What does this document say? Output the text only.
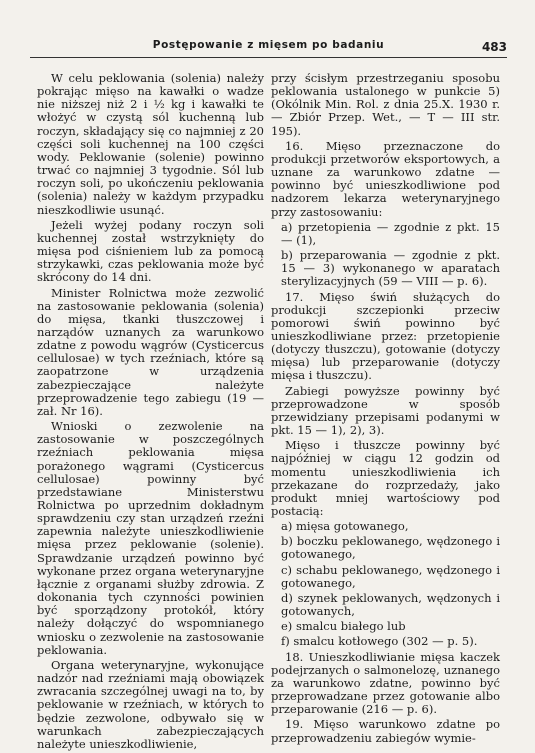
Postępowanie z mięsem po badaniu	483

W celu peklowania (solenia) należy pokrając mięso na kawałki o wadze nie niższej niż 2 i ½ kg i kawałki te włożyć w czystą sól kuchenną lub roczyn, składający się co najmniej z 20 części soli kuchennej na 100 części wody. Peklowanie (solenie) powinno trwać co najmniej 3 tygodnie. Sól lub roczyn soli, po ukończeniu peklowania (solenia) należy w każdym przypadku nieszkodliwie usunąć.

Jeżeli wyżej podany roczyn soli kuchennej został wstrzyknięty do mięsa pod ciśnieniem lub za pomocą strzykawki, czas peklowania może być skrócony do 14 dni.

Minister Rolnictwa może zezwolić na zastosowanie peklowania (solenia) do mięsa, tkanki tłuszczowej i narządów uznanych za warunkowo zdatne z powodu wągrów (Cysticercus cellulosae) w tych rzeźniach, które są zaopatrzone w urządzenia zabezpieczające należyte przeprowadzenie tego zabiegu (19 — zał. Nr 16).

Wnioski o zezwolenie na zastosowanie w poszczególnych rzeźniach peklowania mięsa porażonego wągrami (Cysticercus cellulosae) powinny być przedstawiane Ministerstwu Rolnictwa po uprzednim dokładnym sprawdzeniu czy stan urządzeń rzeźni zapewnia należyte unieszkodliwienie mięsa przez peklowanie (solenie). Sprawdzanie urządzeń powinno być wykonane przez organa weterynaryjne łącznie z organami służby zdrowia. Z dokonania tych czynności powinien być sporządzony protokół, który należy dołączyć do wspomnianego wniosku o zezwolenie na zastosowanie peklowania.

Organa weterynaryjne, wykonujące nadzór nad rzeźniami mają obowiązek zwracania szczególnej uwagi na to, by peklowanie w rzeźniach, w których to będzie zezwolone, odbywało się w warunkach zabezpieczających należyte unieszkodliwienie,

przy ścisłym przestrzeganiu sposobu peklowania ustalonego w punkcie 5) (Okólnik Min. Rol. z dnia 25.X. 1930 r. — Zbiór Przep. Wet., — T — III str. 195).

16. Mięso przeznaczone do produkcji przetworów eksportowych, a uznane za warunkowo zdatne — powinno być unieszkodliwione pod nadzorem lekarza weterynaryjnego przy zastosowaniu:

a) przetopienia — zgodnie z pkt. 15 — (1),

b) przeparowania — zgodnie z pkt. 15 — 3) wykonanego w aparatach sterylizacyjnych (59 — VIII — p. 6).

17. Mięso świń służących do produkcji szczepionki przeciw pomorowi świń powinno być unieszkodliwiane przez: przetopienie (dotyczy tłuszczu), gotowanie (dotyczy mięsa) lub przeparowanie (dotyczy mięsa i tłuszczu).

Zabiegi powyższe powinny być przeprowadzone w sposób przewidziany przepisami podanymi w pkt. 15 — 1), 2), 3).

Mięso i tłuszcze powinny być najpóźniej w ciągu 12 godzin od momentu unieszkodliwienia ich przekazane do rozprzedaży, jako produkt mniej wartościowy pod postacią:

a) mięsa gotowanego,

b) boczku peklowanego, wędzonego i gotowanego,

c) schabu peklowanego, wędzonego i gotowanego,

d) szynek peklowanych, wędzonych i gotowanych,

e) smalcu białego lub

f) smalcu kotłowego (302 — p. 5).

18. Unieszkodliwianie mięsa kaczek podejrzanych o salmonelozę, uznanego za warunkowo zdatne, powinno być przeprowadzane przez gotowanie albo przeparowanie (216 — p. 6).

19. Mięso warunkowo zdatne po przeprowadzeniu zabiegów wymie-
